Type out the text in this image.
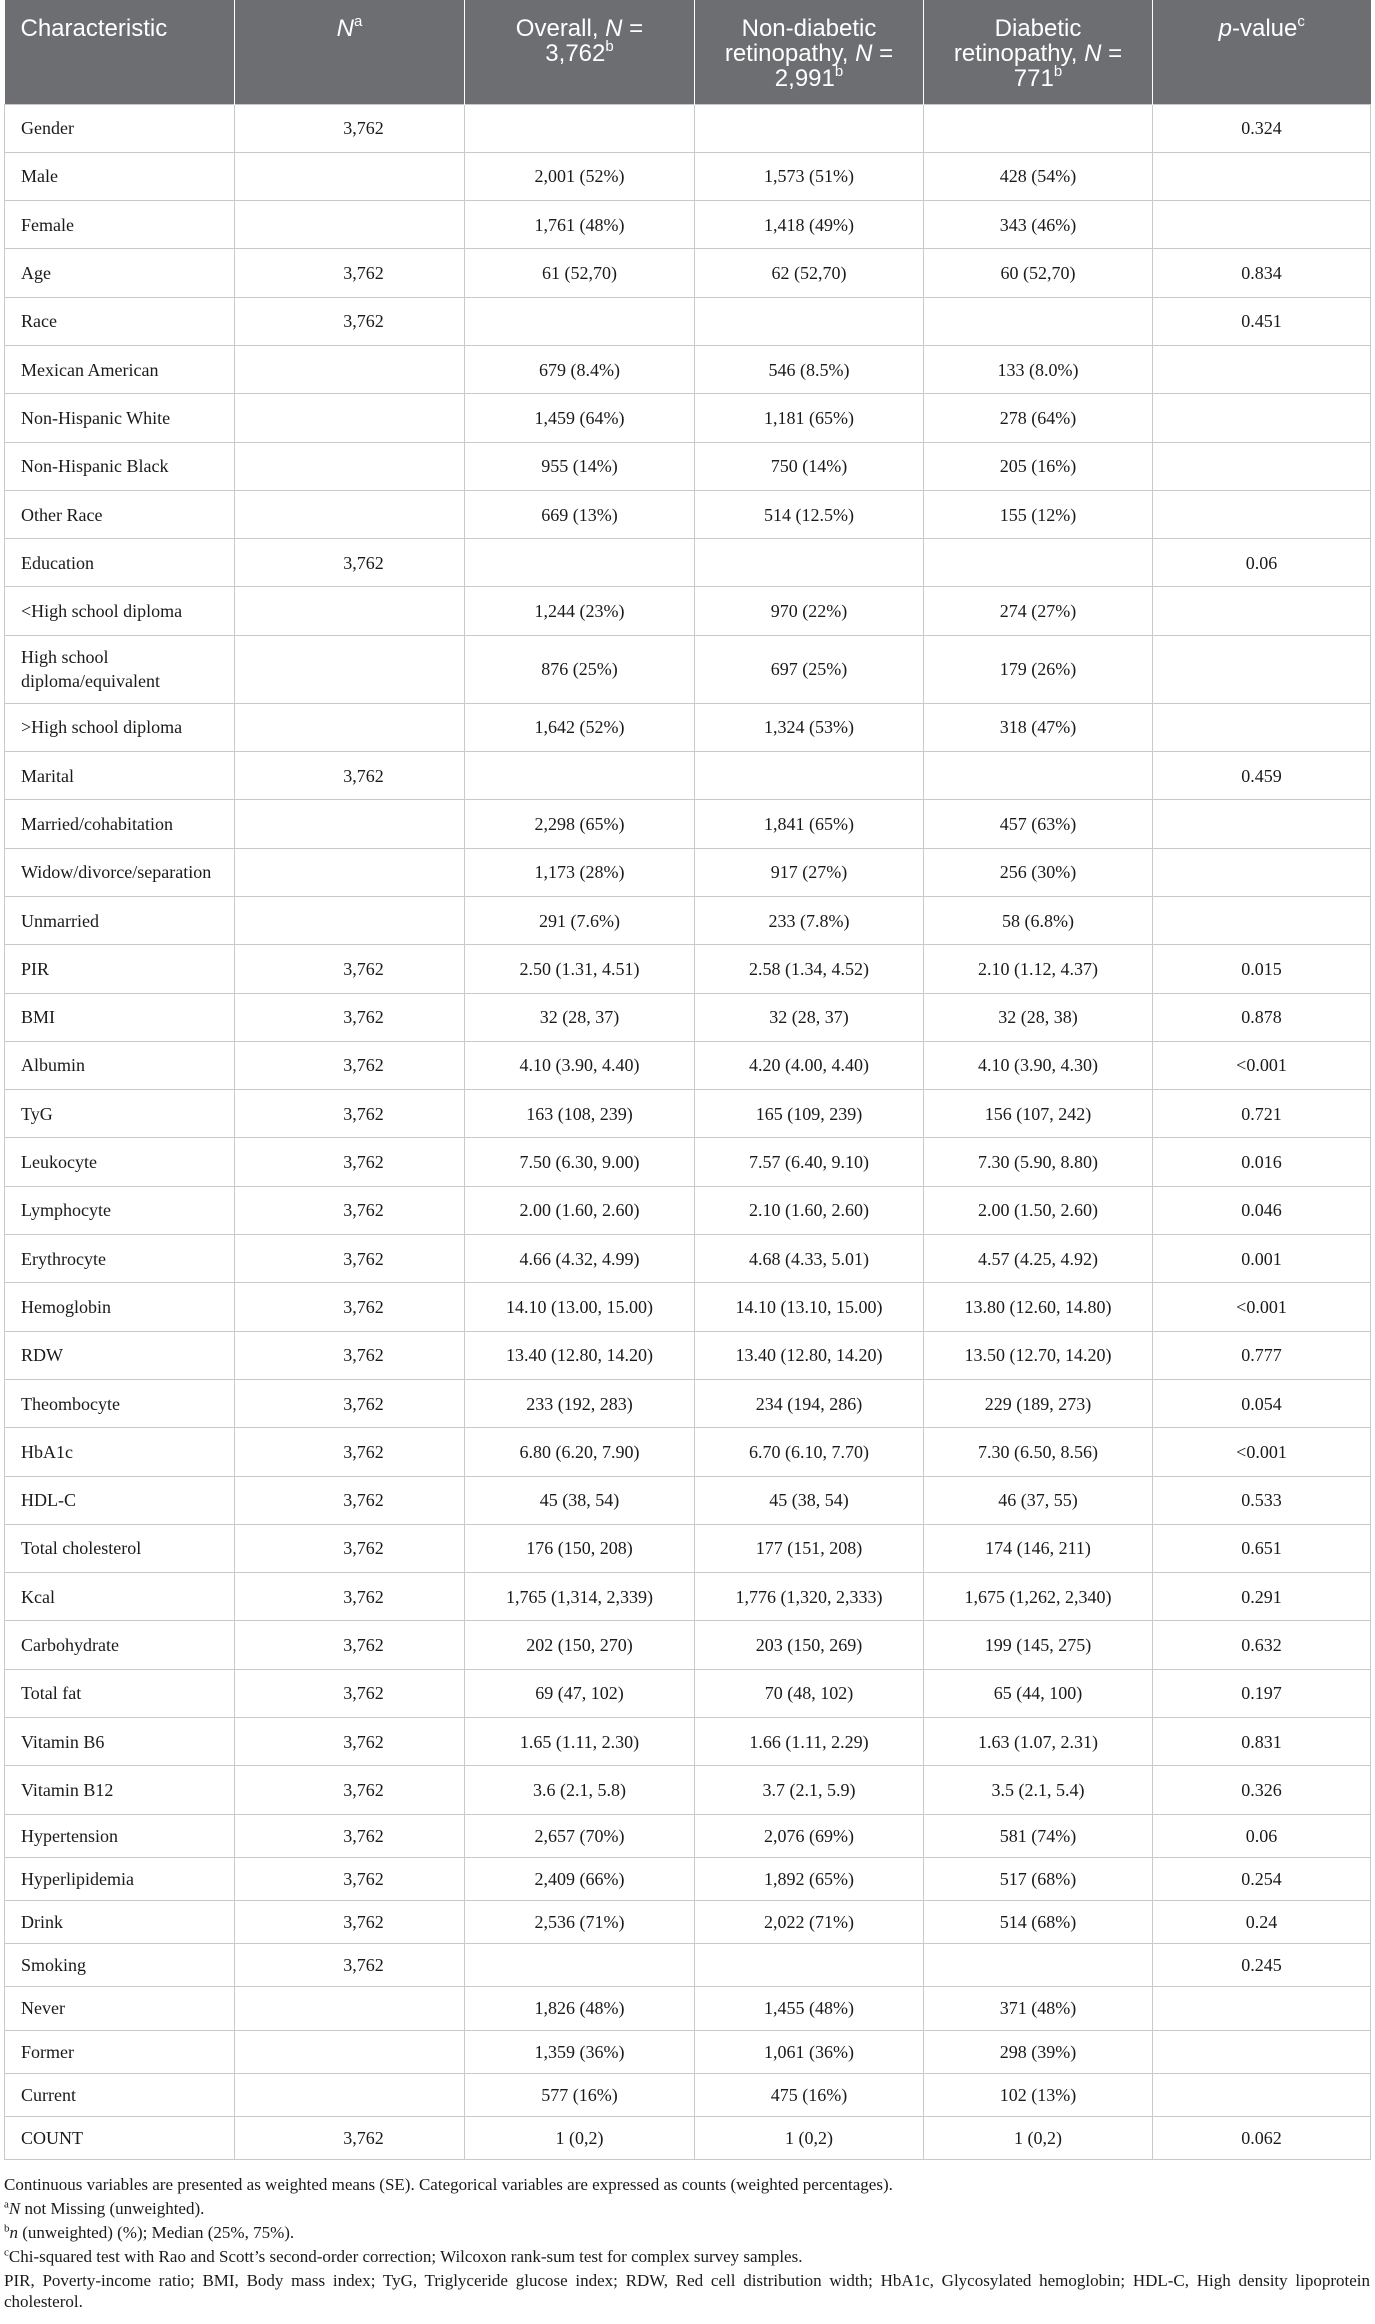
Characteristic	$N^a$	Overall, N = 3,762$^b$	Non-diabetic retinopathy, N = 2,991$^b$	Diabetic retinopathy, $N = 771^b$	p-value$^c$
Gender	3,762				0.324
Male		2,001 (52%)	1,573 (51%)	428 (54%)	
Female		1,761 (48%)	1,418 (49%)	343 (46%)	
Age	3,762	61 (52,70)	62 (52,70)	60 (52,70)	0.834
Race	3,762				0.451
Mexican American		679 (8.4%)	546 (8.5%)	133 (8.0%)	
Non-Hispanic White		1,459 (64%)	1,181 (65%)	278 (64%)	
Non-Hispanic Black		955 (14%)	750 (14%)	205 (16%)	
Other Race		669 (13%)	514 (12.5%)	155 (12%)	
Education	3,762				0.06
<High school diploma		1,244 (23%)	970 (22%)	274 (27%)	
High school diploma/equivalent		876 (25%)	697 (25%)	179 (26%)	
>High school diploma		1,642 (52%)	1,324 (53%)	318 (47%)	
Marital	3,762				0.459
Married/cohabitation		2,298 (65%)	1,841 (65%)	457 (63%)	
Widow/divorce/separation		1,173 (28%)	917 (27%)	256 (30%)	
Unmarried		291 (7.6%)	233 (7.8%)	58 (6.8%)	
PIR	3,762	2.50 (1.31, 4.51)	2.58 (1.34, 4.52)	2.10 (1.12, 4.37)	0.015
BMI	3,762	32 (28, 37)	32 (28, 37)	32 (28, 38)	0.878
Albumin	3,762	4.10 (3.90, 4.40)	4.20 (4.00, 4.40)	4.10 (3.90, 4.30)	<0.001
TyG	3,762	163 (108, 239)	165 (109, 239)	156 (107, 242)	0.721
Leukocyte	3,762	7.50 (6.30, 9.00)	7.57 (6.40, 9.10)	7.30 (5.90, 8.80)	0.016
Lymphocyte	3,762	2.00 (1.60, 2.60)	2.10 (1.60, 2.60)	2.00 (1.50, 2.60)	0.046
Erythrocyte	3,762	4.66 (4.32, 4.99)	4.68 (4.33, 5.01)	4.57 (4.25, 4.92)	0.001
Hemoglobin	3,762	14.10 (13.00, 15.00)	14.10 (13.10, 15.00)	13.80 (12.60, 14.80)	<0.001
RDW	3,762	13.40 (12.80, 14.20)	13.40 (12.80, 14.20)	13.50 (12.70, 14.20)	0.777
Theombocyte	3,762	233 (192, 283)	234 (194, 286)	229 (189, 273)	0.054
HbA1c	3,762	6.80 (6.20, 7.90)	6.70 (6.10, 7.70)	7.30 (6.50, 8.56)	<0.001
HDL-C	3,762	45 (38, 54)	45 (38, 54)	46 (37, 55)	0.533
Total cholesterol	3,762	176 (150, 208)	177 (151, 208)	174 (146, 211)	0.651
Kcal	3,762	1,765 (1,314, 2,339)	1,776 (1,320, 2,333)	1,675 (1,262, 2,340)	0.291
Carbohydrate	3,762	202 (150, 270)	203 (150, 269)	199 (145, 275)	0.632
Total fat	3,762	69 (47, 102)	70 (48, 102)	65 (44, 100)	0.197
Vitamin B6	3,762	1.65 (1.11, 2.30)	1.66 (1.11, 2.29)	1.63 (1.07, 2.31)	0.831
Vitamin B12	3,762	3.6 (2.1, 5.8)	3.7 (2.1, 5.9)	3.5 (2.1, 5.4)	0.326
Hypertension	3,762	2,657 (70%)	2,076 (69%)	581 (74%)	0.06
Hyperlipidemia	3,762	2,409 (66%)	1,892 (65%)	517 (68%)	0.254
Drink	3,762	2,536 (71%)	2,022 (71%)	514 (68%)	0.24
Smoking	3,762				0.245
Never		1,826 (48%)	1,455 (48%)	371 (48%)	
Former		1,359 (36%)	1,061 (36%)	298 (39%)	
Current		577 (16%)	475 (16%)	102 (13%)	
COUNT	3,762	1 (0,2)	1 (0,2)	1 (0,2)	0.062

Continuous variables are presented as weighted means (SE). Categorical variables are expressed as counts (weighted percentages).

$^a$N not Missing (unweighted).

$^b$n (unweighted) (%); Median (25%, 75%).

$^c$Chi-squared test with Rao and Scott’s second-order correction; Wilcoxon rank-sum test for complex survey samples.

PIR, Poverty-income ratio; BMI, Body mass index; TyG, Triglyceride glucose index; RDW, Red cell distribution width; HbA1c, Glycosylated hemoglobin; HDL-C, High density lipoprotein cholesterol.
